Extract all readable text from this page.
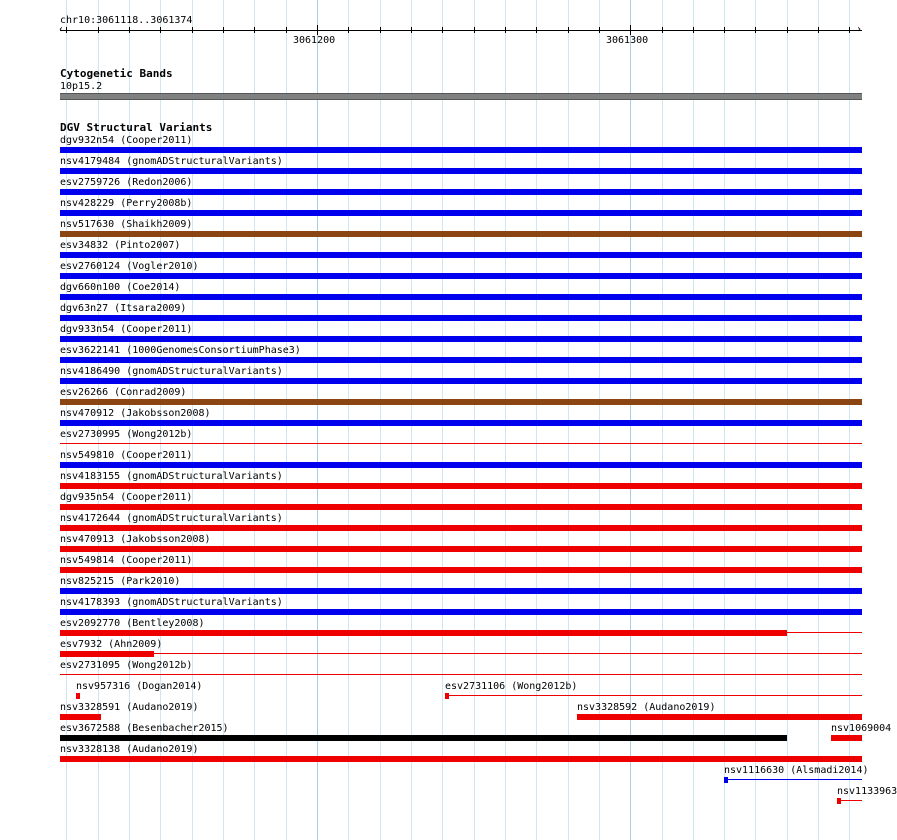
chr10:3061118..3061374
‹	›
3061200	3061300
Cytogenetic Bands
10p15.2
DGV Structural Variants
dgv932n54 (Cooper2011)
nsv4179484 (gnomADStructuralVariants)
esv2759726 (Redon2006)
nsv428229 (Perry2008b)
nsv517630 (Shaikh2009)
esv34832 (Pinto2007)
esv2760124 (Vogler2010)
dgv660n100 (Coe2014)
dgv63n27 (Itsara2009)
dgv933n54 (Cooper2011)
esv3622141 (1000GenomesConsortiumPhase3)
nsv4186490 (gnomADStructuralVariants)
esv26266 (Conrad2009)
nsv470912 (Jakobsson2008)
esv2730995 (Wong2012b)
nsv549810 (Cooper2011)
nsv4183155 (gnomADStructuralVariants)
dgv935n54 (Cooper2011)
nsv4172644 (gnomADStructuralVariants)
nsv470913 (Jakobsson2008)
nsv549814 (Cooper2011)
nsv825215 (Park2010)
nsv4178393 (gnomADStructuralVariants)
esv2092770 (Bentley2008)
esv7932 (Ahn2009)
esv2731095 (Wong2012b)
nsv957316 (Dogan2014)	esv2731106 (Wong2012b)
nsv3328591 (Audano2019)	nsv3328592 (Audano2019)
esv3672588 (Besenbacher2015)	nsv1069004
nsv3328138 (Audano2019)
nsv1116630 (Alsmadi2014)
nsv1133963
